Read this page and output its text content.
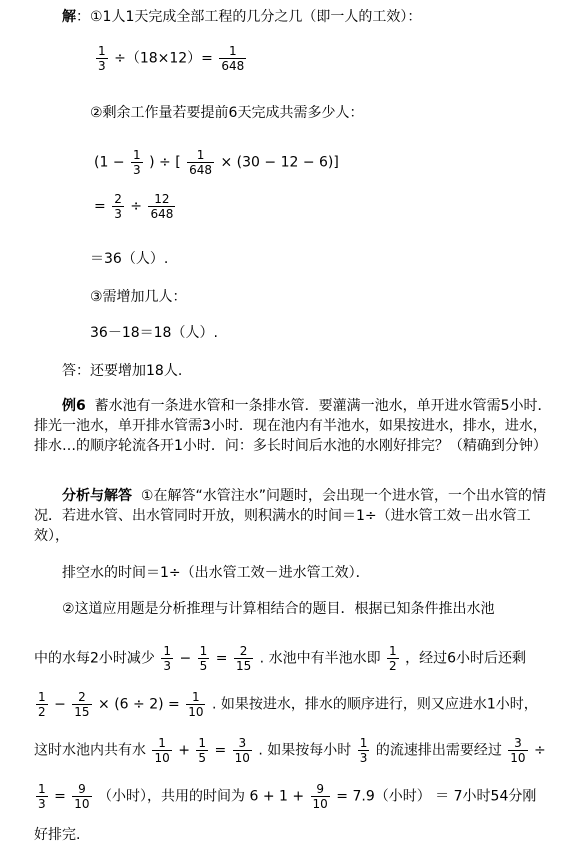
解：①1人1天完成全部工程的几分之几（即一人的工效）：
$\frac{1}{3} \div(18\times 12)= \frac{1}{648}$
②剩余工作量若要提前6天完成共需多少人：
($1 - \frac{1}{3}$ ) ÷ [ $\frac{1}{648} \times (30 - 12 - 6)$]
= $\frac{2}{3} \div \frac{12}{648}$
＝36（人）.
③需增加几人：
36－18＝18（人）.
答：还要增加18人.
例6 蓄水池有一条进水管和一条排水管．要灌满一池水，单开进水管需5小时．排光一池水，单开排水管需3小时．现在池内有半池水，如果按进水，排水，进水，排水…的顺序轮流各开1小时．问：多长时间后水池的水刚好排完？（精确到分钟）
分析与解答 ①在解答“水管注水”问题时，会出现一个进水管，一个出水管的情况．若进水管、出水管同时开放，则积满水的时间＝1÷（进水管工效－出水管工效），
排空水的时间＝1÷（出水管工效－进水管工效）．
②这道应用题是分析推理与计算相结合的题目．根据已知条件推出水池
中的水每2小时减少 $\frac{1}{3} - \frac{1}{5} = \frac{2}{15}$ . 水池中有半池水即 $\frac{1}{2}$ ，经过6小时后还剩
$\frac{1}{2} - \frac{2}{15} \times (6 \div 2) = \frac{1}{10}$ . 如果按进水，排水的顺序进行，则又应进水1小时，
这时水池内共有水 $\frac{1}{10} + \frac{1}{5} = \frac{3}{10}$ . 如果按每小时 $\frac{1}{3}$ 的流速排出需要经过 $\frac{3}{10}$ ÷
$\frac{1}{3} = \frac{9}{10}$ （小时），共用的时间为 $6 + 1 + \frac{9}{10} = 7.9$（小时） ＝ 7小时54分刚
好排完.
